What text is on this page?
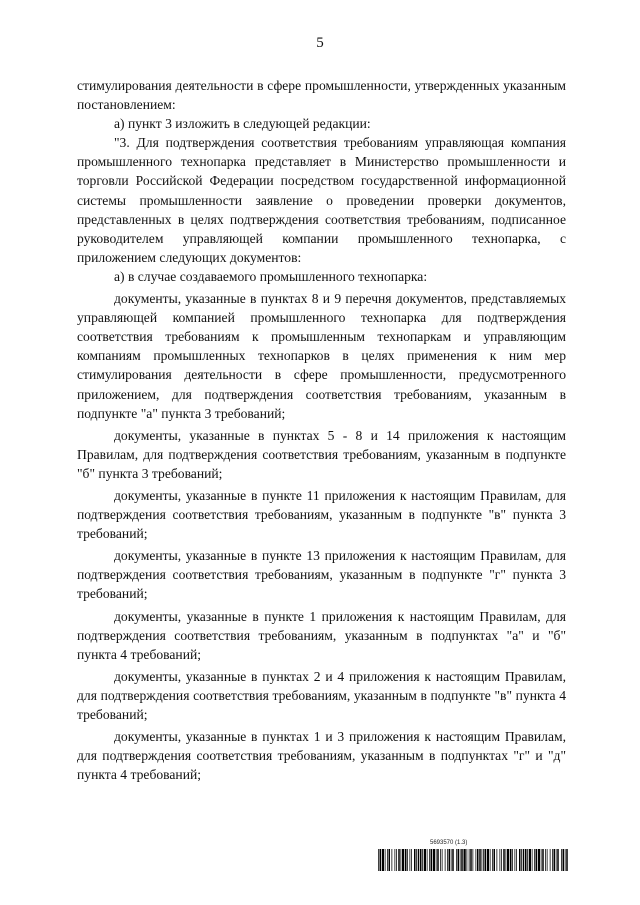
5

стимулирования деятельности в сфере промышленности, утвержденных указанным постановлением:

а) пункт 3 изложить в следующей редакции:

"3. Для подтверждения соответствия требованиям управляющая компания промышленного технопарка представляет в Министерство промышленности и торговли Российской Федерации посредством государственной информационной системы промышленности заявление о проведении проверки документов, представленных в целях подтверждения соответствия требованиям, подписанное руководителем управляющей компании промышленного технопарка, с приложением следующих документов:

а) в случае создаваемого промышленного технопарка:

документы, указанные в пунктах 8 и 9 перечня документов, представляемых управляющей компанией промышленного технопарка для подтверждения соответствия требованиям к промышленным технопаркам и управляющим компаниям промышленных технопарков в целях применения к ним мер стимулирования деятельности в сфере промышленности, предусмотренного приложением, для подтверждения соответствия требованиям, указанным в подпункте "а" пункта 3 требований;

документы, указанные в пунктах 5 - 8 и 14 приложения к настоящим Правилам, для подтверждения соответствия требованиям, указанным в подпункте "б" пункта 3 требований;

документы, указанные в пункте 11 приложения к настоящим Правилам, для подтверждения соответствия требованиям, указанным в подпункте "в" пункта 3 требований;

документы, указанные в пункте 13 приложения к настоящим Правилам, для подтверждения соответствия требованиям, указанным в подпункте "г" пункта 3 требований;

документы, указанные в пункте 1 приложения к настоящим Правилам, для подтверждения соответствия требованиям, указанным в подпунктах "а" и "б" пункта 4 требований;

документы, указанные в пунктах 2 и 4 приложения к настоящим Правилам, для подтверждения соответствия требованиям, указанным в подпункте "в" пункта 4 требований;

документы, указанные в пунктах 1 и 3 приложения к настоящим Правилам, для подтверждения соответствия требованиям, указанным в подпунктах "г" и "д" пункта 4 требований;

5693570 (1.3)
